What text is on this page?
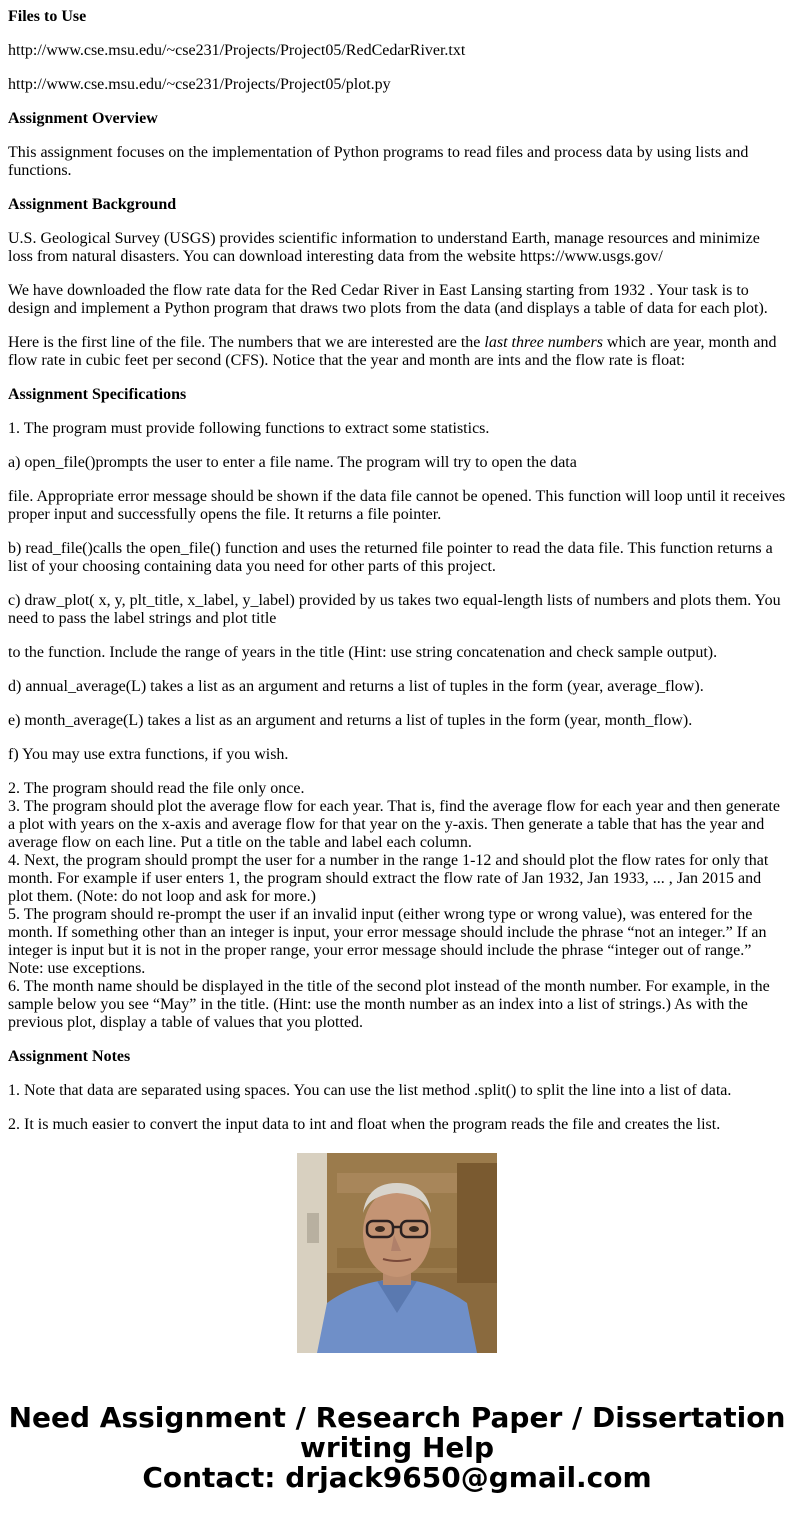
Files to Use

http://www.cse.msu.edu/~cse231/Projects/Project05/RedCedarRiver.txt

http://www.cse.msu.edu/~cse231/Projects/Project05/plot.py

Assignment Overview

This assignment focuses on the implementation of Python programs to read files and process data by using lists and functions.

Assignment Background

U.S. Geological Survey (USGS) provides scientific information to understand Earth, manage resources and minimize loss from natural disasters. You can download interesting data from the website https://www.usgs.gov/

We have downloaded the flow rate data for the Red Cedar River in East Lansing starting from 1932 . Your task is to design and implement a Python program that draws two plots from the data (and displays a table of data for each plot).

Here is the first line of the file. The numbers that we are interested are the last three numbers which are year, month and flow rate in cubic feet per second (CFS). Notice that the year and month are ints and the flow rate is float:

Assignment Specifications

1. The program must provide following functions to extract some statistics.

a) open_file()prompts the user to enter a file name. The program will try to open the data

file. Appropriate error message should be shown if the data file cannot be opened. This function will loop until it receives proper input and successfully opens the file. It returns a file pointer.

b) read_file()calls the open_file() function and uses the returned file pointer to read the data file. This function returns a list of your choosing containing data you need for other parts of this project.

c) draw_plot( x, y, plt_title, x_label, y_label) provided by us takes two equal-length lists of numbers and plots them. You need to pass the label strings and plot title

to the function. Include the range of years in the title (Hint: use string concatenation and check sample output).

d) annual_average(L) takes a list as an argument and returns a list of tuples in the form (year, average_flow).

e) month_average(L) takes a list as an argument and returns a list of tuples in the form (year, month_flow).

f) You may use extra functions, if you wish.

2. The program should read the file only once.

3. The program should plot the average flow for each year. That is, find the average flow for each year and then generate a plot with years on the x-axis and average flow for that year on the y-axis. Then generate a table that has the year and average flow on each line. Put a title on the table and label each column.

4. Next, the program should prompt the user for a number in the range 1-12 and should plot the flow rates for only that month. For example if user enters 1, the program should extract the flow rate of Jan 1932, Jan 1933, ... , Jan 2015 and plot them. (Note: do not loop and ask for more.)

5. The program should re-prompt the user if an invalid input (either wrong type or wrong value), was entered for the month. If something other than an integer is input, your error message should include the phrase “not an integer.” If an integer is input but it is not in the proper range, your error message should include the phrase “integer out of range.” Note: use exceptions.

6. The month name should be displayed in the title of the second plot instead of the month number. For example, in the sample below you see “May” in the title. (Hint: use the month number as an index into a list of strings.) As with the previous plot, display a table of values that you plotted.

Assignment Notes

1. Note that data are separated using spaces. You can use the list method .split() to split the line into a list of data.

2. It is much easier to convert the input data to int and float when the program reads the file and creates the list.

Need Assignment / Research Paper / Dissertation
writing Help
Contact: drjack9650@gmail.com
